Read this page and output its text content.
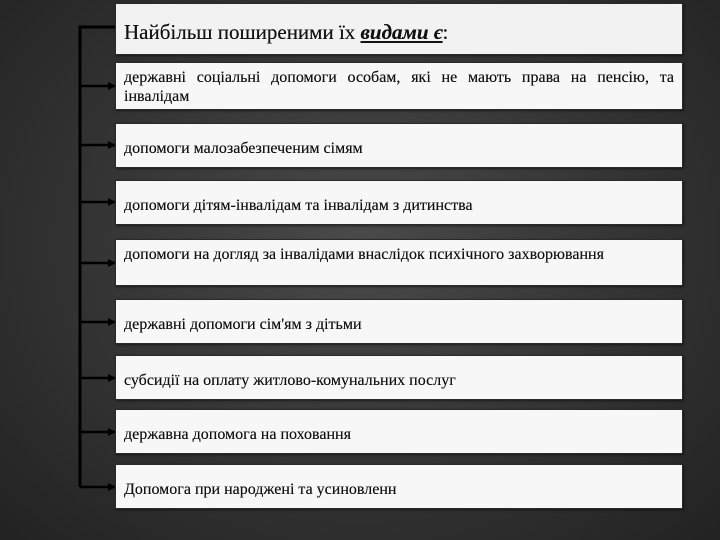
Найбільш поширеними їх видами є:
державні соціальні допомоги особам, які не мають права на пенсію, та інвалідам
допомоги малозабезпеченим сімям
допомоги дітям-інвалідам та інвалідам з дитинства
допомоги на догляд за інвалідами внаслідок психічного захворювання
державні допомоги сім'ям з дітьми
субсидії на оплату житлово-комунальних послуг
державна допомога на поховання
Допомога при народжені та усиновленн
